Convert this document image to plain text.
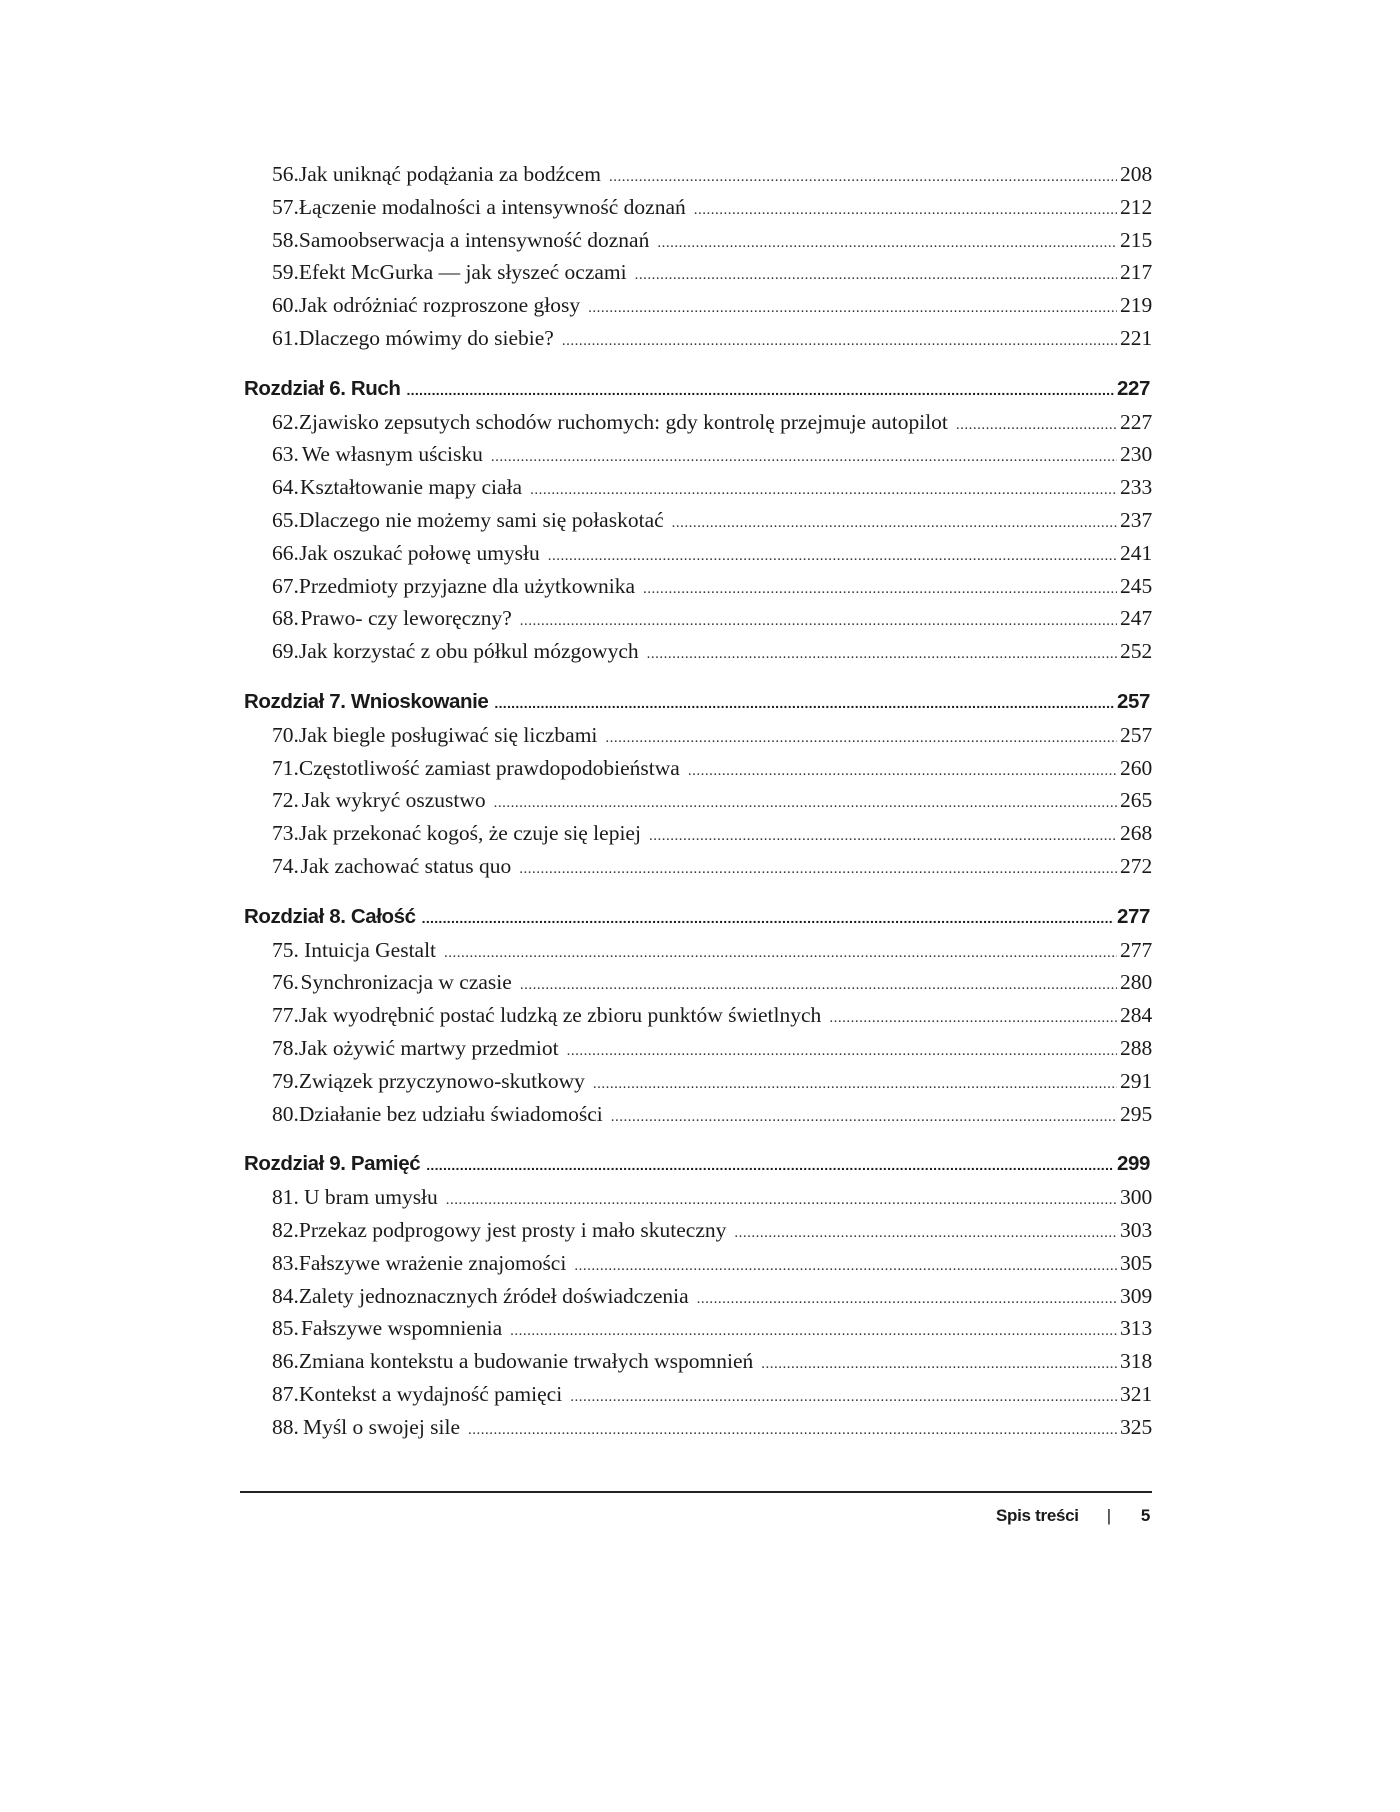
56. Jak uniknąć podążania za bodźcem .....	208
57. Łączenie modalności a intensywność doznań .....	212
58. Samoobserwacja a intensywność doznań .....	215
59. Efekt McGurka — jak słyszeć oczami .....	217
60. Jak odróżniać rozproszone głosy .....	219
61. Dlaczego mówimy do siebie? .....	221
Rozdział 6. Ruch .....	227
62. Zjawisko zepsutych schodów ruchomych: gdy kontrolę przejmuje autopilot .....	227
63. We własnym uścisku .....	230
64. Kształtowanie mapy ciała .....	233
65. Dlaczego nie możemy sami się połaskotać .....	237
66. Jak oszukać połowę umysłu .....	241
67. Przedmioty przyjazne dla użytkownika .....	245
68. Prawo- czy leworęczny? .....	247
69. Jak korzystać z obu półkul mózgowych .....	252
Rozdział 7. Wnioskowanie .....	257
70. Jak biegle posługiwać się liczbami .....	257
71. Częstotliwość zamiast prawdopodobieństwa .....	260
72. Jak wykryć oszustwo .....	265
73. Jak przekonać kogoś, że czuje się lepiej .....	268
74. Jak zachować status quo .....	272
Rozdział 8. Całość .....	277
75. Intuicja Gestalt .....	277
76. Synchronizacja w czasie .....	280
77. Jak wyodrębnić postać ludzką ze zbioru punktów świetlnych .....	284
78. Jak ożywić martwy przedmiot .....	288
79. Związek przyczynowo-skutkowy .....	291
80. Działanie bez udziału świadomości .....	295
Rozdział 9. Pamięć .....	299
81. U bram umysłu .....	300
82. Przekaz podprogowy jest prosty i mało skuteczny .....	303
83. Fałszywe wrażenie znajomości .....	305
84. Zalety jednoznacznych źródeł doświadczenia .....	309
85. Fałszywe wspomnienia .....	313
86. Zmiana kontekstu a budowanie trwałych wspomnień .....	318
87. Kontekst a wydajność pamięci .....	321
88. Myśl o swojej sile .....	325
Spis treści | 5
